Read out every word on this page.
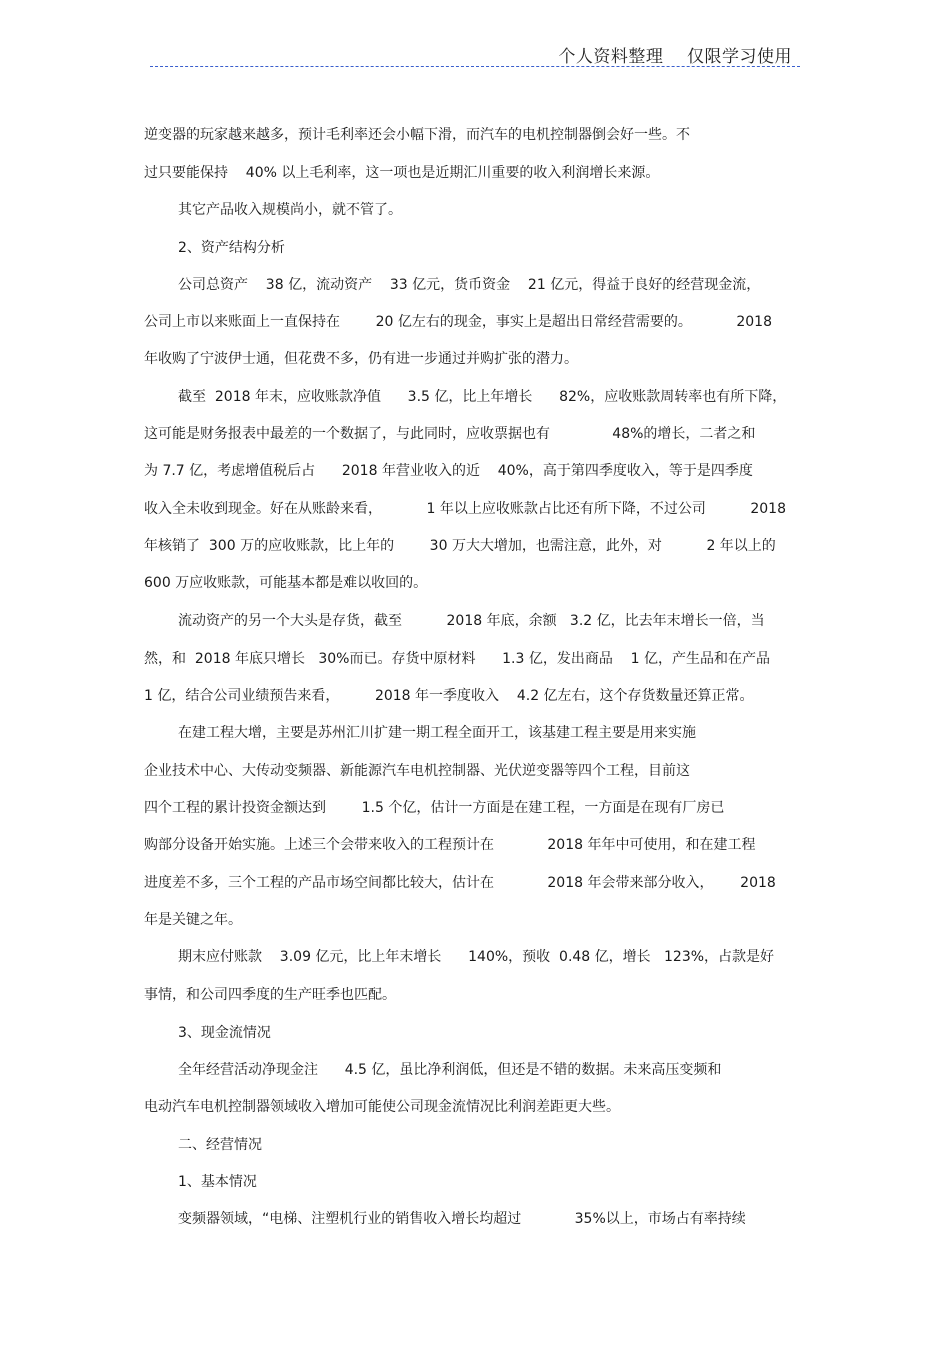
个人资料整理    仅限学习使用
逆变器的玩家越来越多，预计毛利率还会小幅下滑，而汽车的电机控制器倒会好一些。不
过只要能保持    40% 以上毛利率，这一项也是近期汇川重要的收入利润增长来源。
其它产品收入规模尚小，就不管了。
2、资产结构分析
公司总资产    38 亿，流动资产    33 亿元，货币资金    21 亿元，得益于良好的经营现金流，
公司上市以来账面上一直保持在        20 亿左右的现金，事实上是超出日常经营需要的。          2018
年收购了宁波伊士通，但花费不多，仍有进一步通过并购扩张的潜力。
截至  2018 年末，应收账款净值      3.5 亿，比上年增长      82%，应收账款周转率也有所下降，
这可能是财务报表中最差的一个数据了，与此同时，应收票据也有              48%的增长，二者之和
为 7.7 亿，考虑增值税后占      2018 年营业收入的近    40%，高于第四季度收入，等于是四季度
收入全未收到现金。好在从账龄来看，          1 年以上应收账款占比还有所下降，不过公司          2018
年核销了  300 万的应收账款，比上年的        30 万大大增加，也需注意，此外，对          2 年以上的
600 万应收账款，可能基本都是难以收回的。
流动资产的另一个大头是存货，截至          2018 年底，余额   3.2 亿，比去年末增长一倍，当
然，和  2018 年底只增长   30%而已。存货中原材料      1.3 亿，发出商品    1 亿，产生品和在产品
1 亿，结合公司业绩预告来看，        2018 年一季度收入    4.2 亿左右，这个存货数量还算正常。
在建工程大增，主要是苏州汇川扩建一期工程全面开工，该基建工程主要是用来实施
企业技术中心、大传动变频器、新能源汽车电机控制器、光伏逆变器等四个工程，目前这
四个工程的累计投资金额达到        1.5 个亿，估计一方面是在建工程，一方面是在现有厂房已
购部分设备开始实施。上述三个会带来收入的工程预计在            2018 年年中可使用，和在建工程
进度差不多，三个工程的产品市场空间都比较大，估计在            2018 年会带来部分收入，      2018
年是关键之年。
期末应付账款    3.09 亿元，比上年末增长      140%，预收  0.48 亿，增长   123%，占款是好
事情，和公司四季度的生产旺季也匹配。
3、现金流情况
全年经营活动净现金注      4.5 亿，虽比净利润低，但还是不错的数据。未来高压变频和
电动汽车电机控制器领域收入增加可能使公司现金流情况比利润差距更大些。
二、经营情况
1、基本情况
变频器领域，“电梯、注塑机行业的销售收入增长均超过            35%以上，市场占有率持续
